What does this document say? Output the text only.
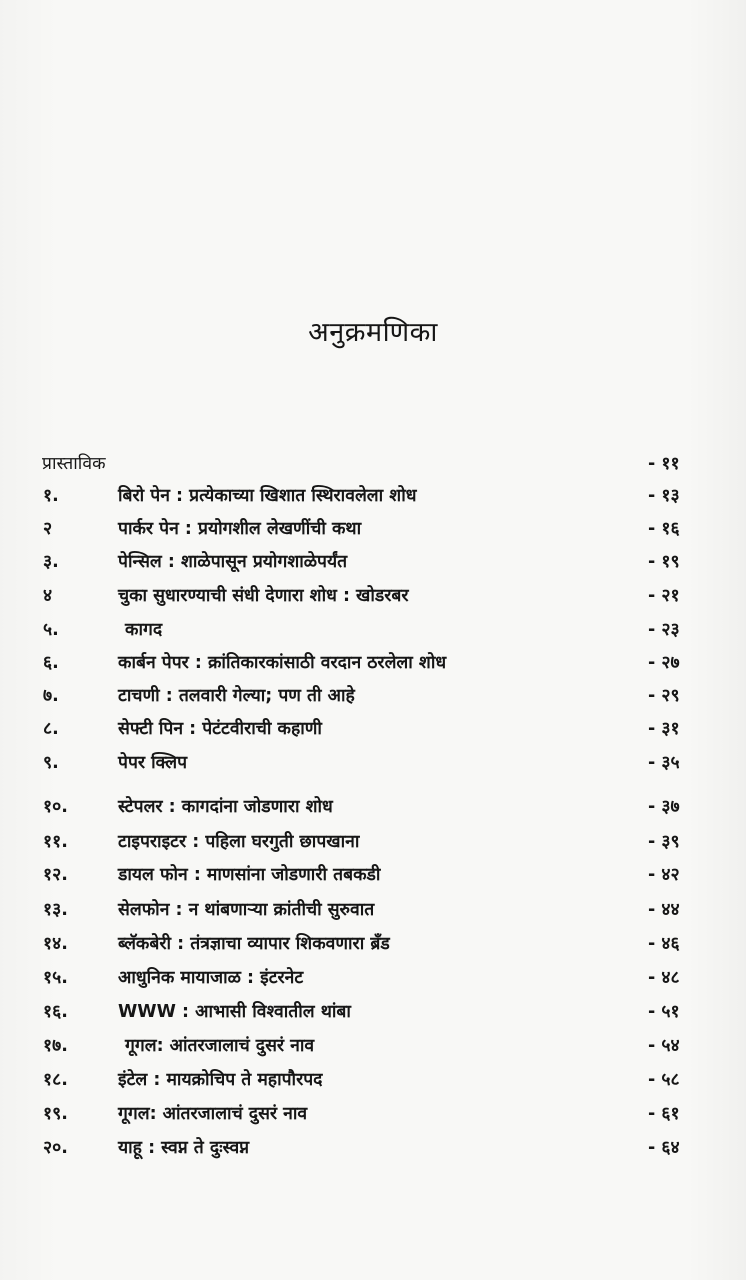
अनुक्रमणिका
प्रास्ताविक	- ११
१.	बिरो पेन : प्रत्येकाच्या खिशात स्थिरावलेला शोध	- १३
२	पार्कर पेन : प्रयोगशील लेखणींची कथा	- १६
३.	पेन्सिल : शाळेपासून प्रयोगशाळेपर्यंत	- १९
४	चुका सुधारण्याची संधी देणारा शोध : खोडरबर	- २१
५.	कागद	- २३
६.	कार्बन पेपर : क्रांतिकारकांसाठी वरदान ठरलेला शोध	- २७
७.	टाचणी : तलवारी गेल्या; पण ती आहे	- २९
८.	सेफ्टी पिन : पेटंटवीराची कहाणी	- ३१
९.	पेपर क्लिप	- ३५
१०.	स्टेपलर : कागदांना जोडणारा शोध	- ३७
११.	टाइपराइटर : पहिला घरगुती छापखाना	- ३९
१२.	डायल फोन : माणसांना जोडणारी तबकडी	- ४२
१३.	सेलफोन : न थांबणाऱ्या क्रांतीची सुरुवात	- ४४
१४.	ब्लॅकबेरी : तंत्रज्ञाचा व्यापार शिकवणारा ब्रँड	- ४६
१५.	आधुनिक मायाजाळ : इंटरनेट	- ४८
१६.	WWW : आभासी विश्वातील थांबा	- ५१
१७.	गूगल: आंतरजालाचं दुसरं नाव	- ५४
१८.	इंटेल : मायक्रोचिप ते महापौरपद	- ५८
१९.	गूगल: आंतरजालाचं दुसरं नाव	- ६१
२०.	याहू : स्वप्न ते दुःस्वप्न	- ६४
